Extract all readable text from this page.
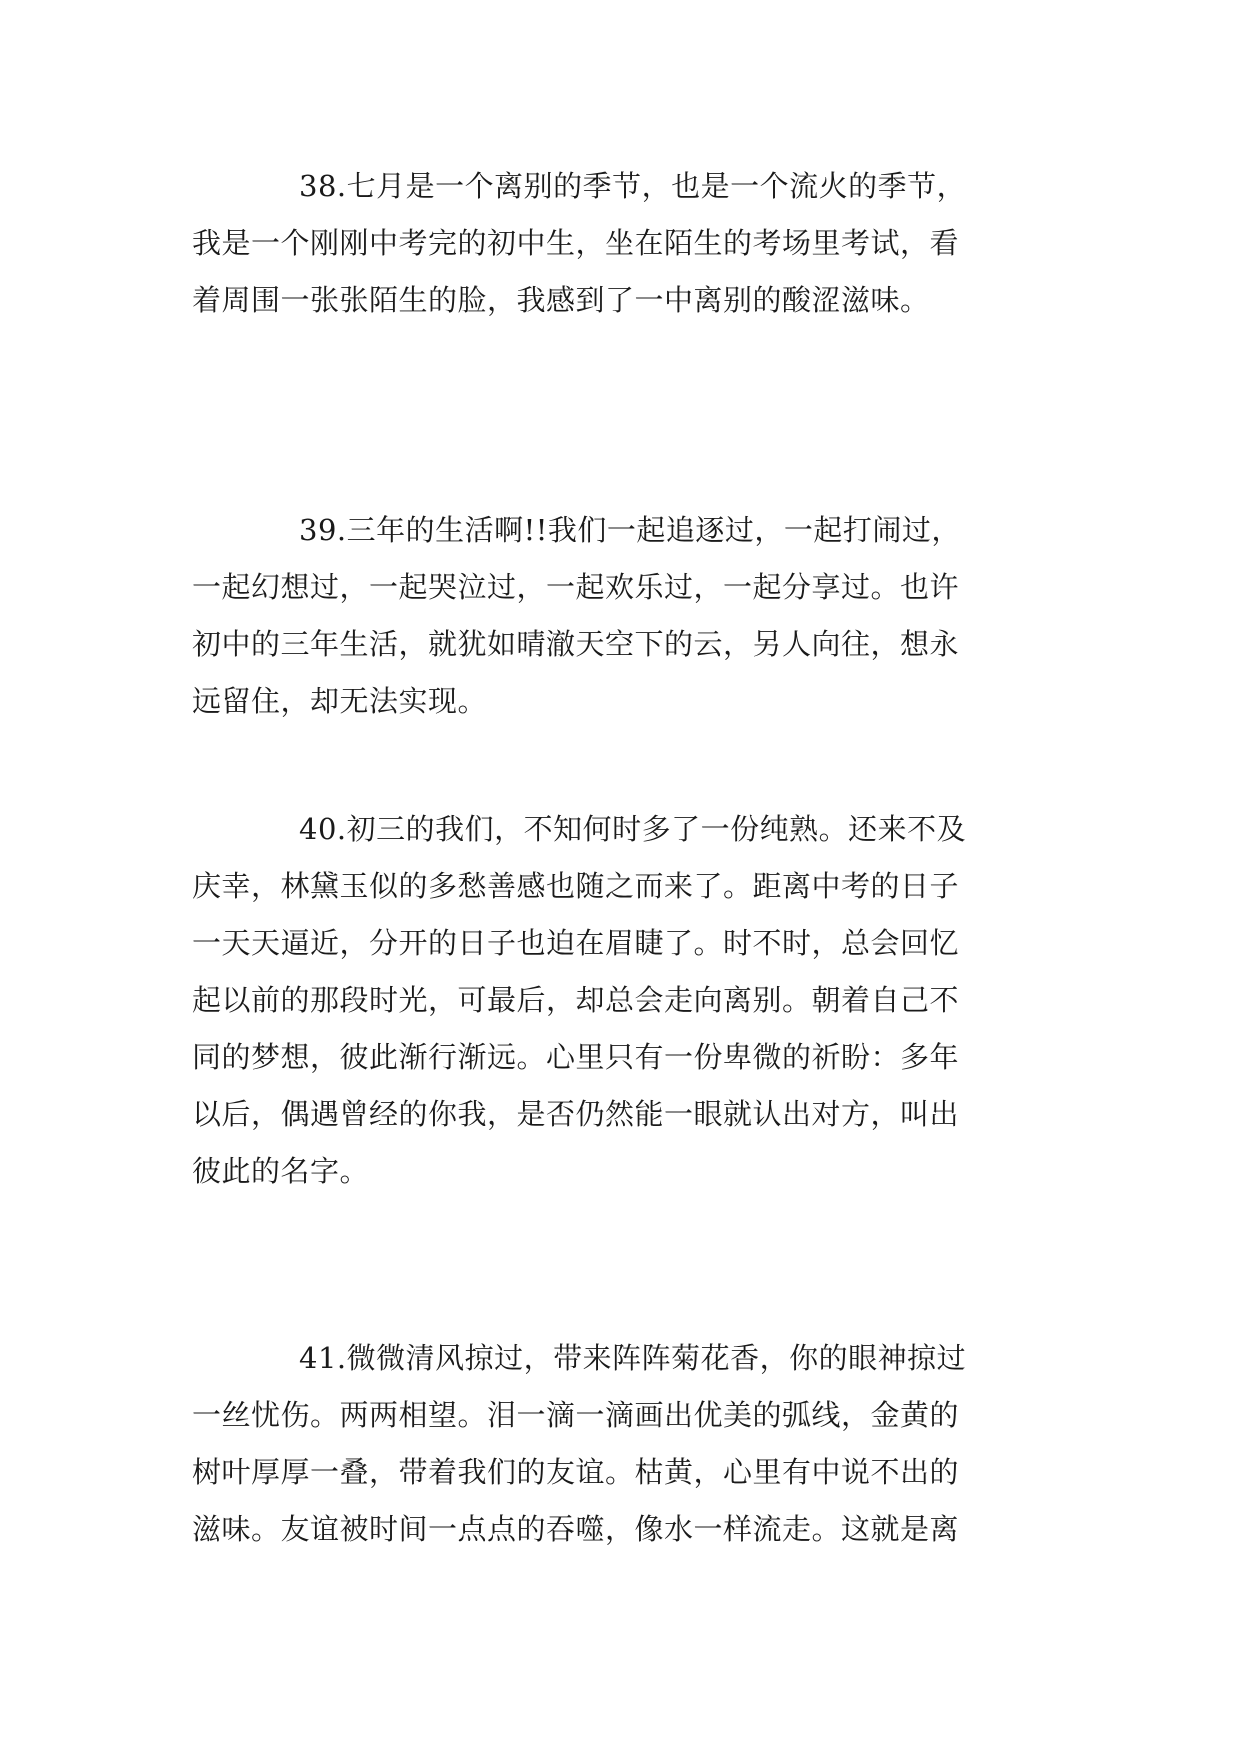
38.七月是一个离别的季节，也是一个流火的季节，
我是一个刚刚中考完的初中生，坐在陌生的考场里考试，看
着周围一张张陌生的脸，我感到了一中离别的酸涩滋味。
39.三年的生活啊!!我们一起追逐过，一起打闹过，
一起幻想过，一起哭泣过，一起欢乐过，一起分享过。也许
初中的三年生活，就犹如晴澈天空下的云，另人向往，想永
远留住，却无法实现。
40.初三的我们，不知何时多了一份纯熟。还来不及
庆幸，林黛玉似的多愁善感也随之而来了。距离中考的日子
一天天逼近，分开的日子也迫在眉睫了。时不时，总会回忆
起以前的那段时光，可最后，却总会走向离别。朝着自己不
同的梦想，彼此渐行渐远。心里只有一份卑微的祈盼：多年
以后，偶遇曾经的你我，是否仍然能一眼就认出对方，叫出
彼此的名字。
41.微微清风掠过，带来阵阵菊花香，你的眼神掠过
一丝忧伤。两两相望。泪一滴一滴画出优美的弧线，金黄的
树叶厚厚一叠，带着我们的友谊。枯黄，心里有中说不出的
滋味。友谊被时间一点点的吞噬，像水一样流走。这就是离
